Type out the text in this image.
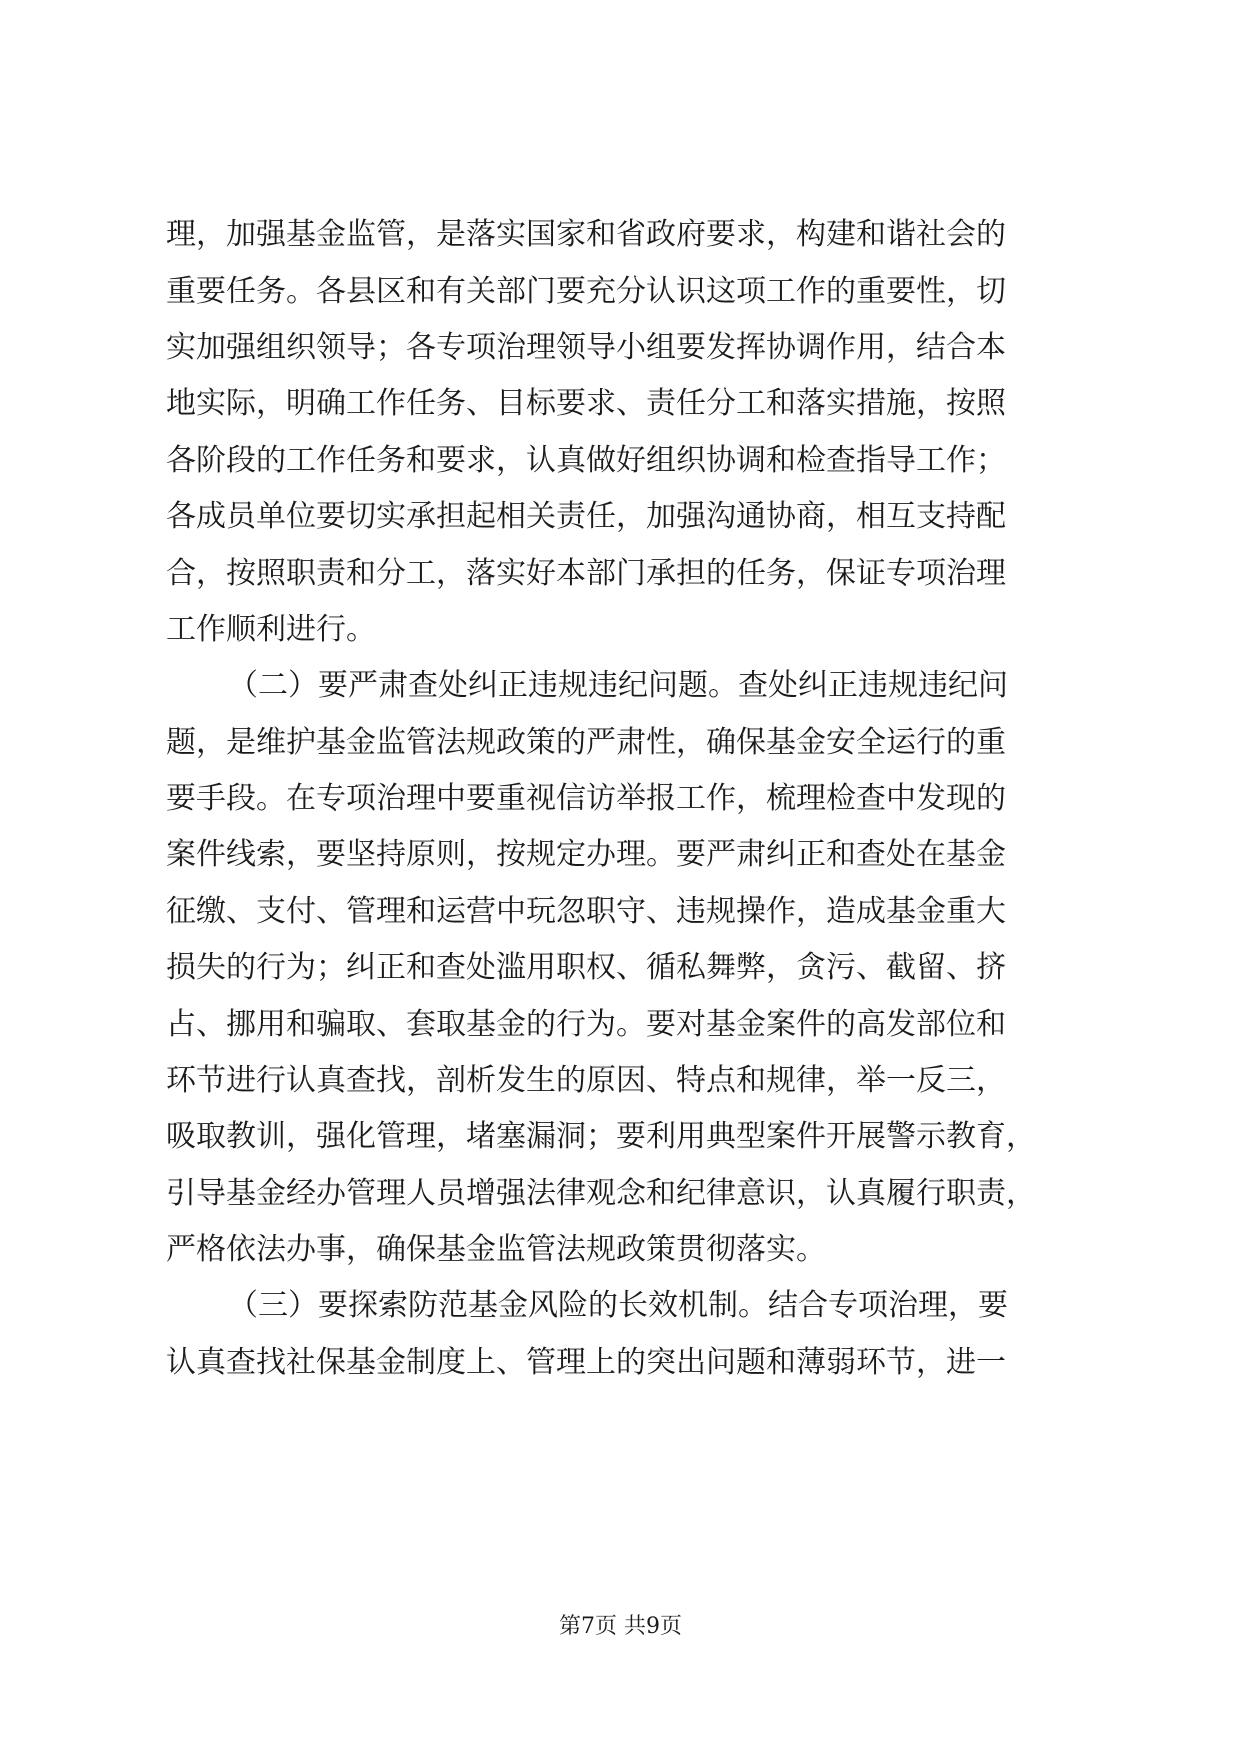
理，加强基金监管，是落实国家和省政府要求，构建和谐社会的
重要任务。各县区和有关部门要充分认识这项工作的重要性，切
实加强组织领导；各专项治理领导小组要发挥协调作用，结合本
地实际，明确工作任务、目标要求、责任分工和落实措施，按照
各阶段的工作任务和要求，认真做好组织协调和检查指导工作；
各成员单位要切实承担起相关责任，加强沟通协商，相互支持配
合，按照职责和分工，落实好本部门承担的任务，保证专项治理
工作顺利进行。
（二）要严肃查处纠正违规违纪问题。查处纠正违规违纪问
题，是维护基金监管法规政策的严肃性，确保基金安全运行的重
要手段。在专项治理中要重视信访举报工作，梳理检查中发现的
案件线索，要坚持原则，按规定办理。要严肃纠正和查处在基金
征缴、支付、管理和运营中玩忽职守、违规操作，造成基金重大
损失的行为；纠正和查处滥用职权、循私舞弊，贪污、截留、挤
占、挪用和骗取、套取基金的行为。要对基金案件的高发部位和
环节进行认真查找，剖析发生的原因、特点和规律，举一反三，
吸取教训，强化管理，堵塞漏洞；要利用典型案件开展警示教育，
引导基金经办管理人员增强法律观念和纪律意识，认真履行职责，
严格依法办事，确保基金监管法规政策贯彻落实。
（三）要探索防范基金风险的长效机制。结合专项治理，要
认真查找社保基金制度上、管理上的突出问题和薄弱环节，进一
第7页 共9页
